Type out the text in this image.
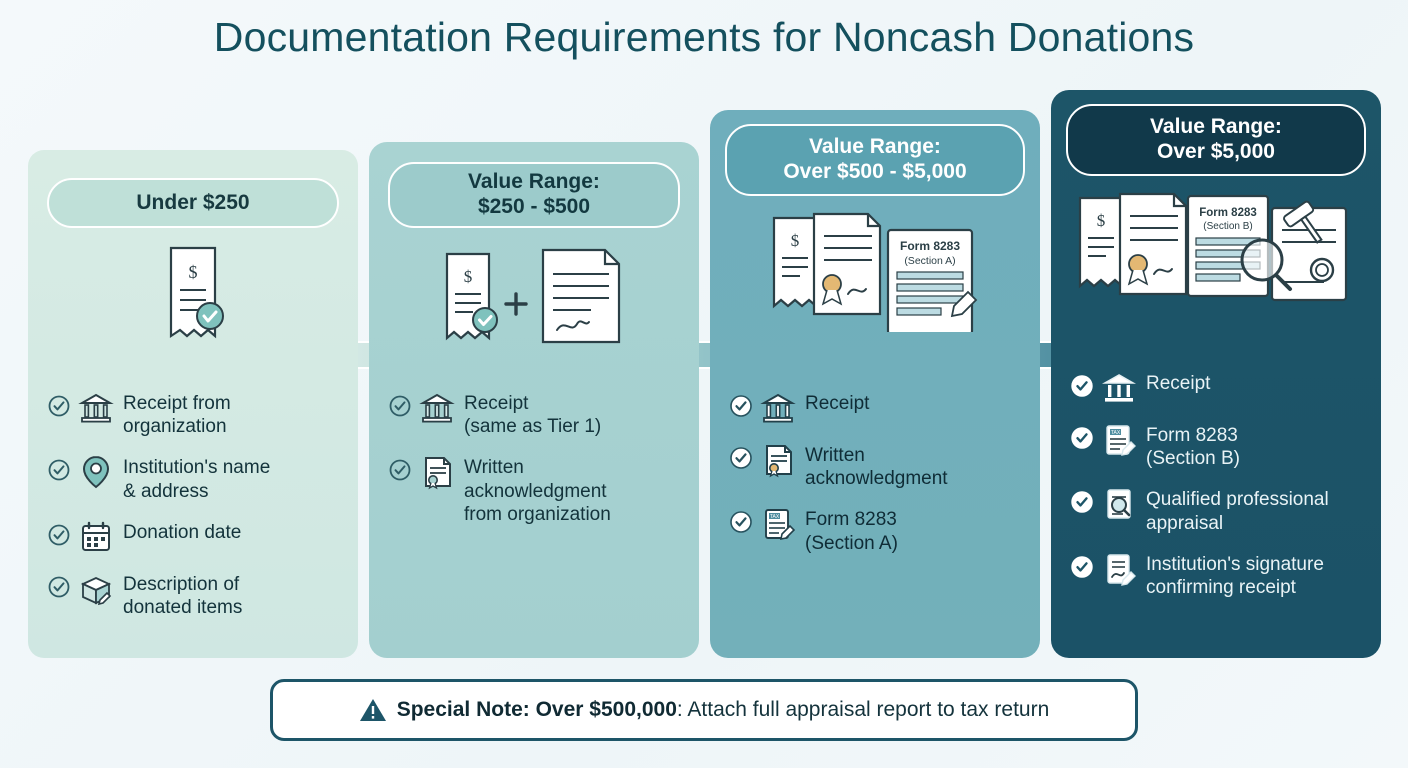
Documentation Requirements for Noncash Donations
Under $250
$
Receipt from
organization
Institution's name
& address
Donation date
Description of
donated items
Value Range:
$250 - $500
$
Receipt
(same as Tier 1)
Written
acknowledgment
from organization
Value Range:
Over $500 - $5,000
$	Form 8283
(Section A)
Receipt
Written
acknowledgment
TAX Form 8283
(Section A)
Value Range:
Over $5,000
$	Form 8283
(Section B)
Receipt
TAX Form 8283
(Section B)
Qualified professional
appraisal
Institution's signature
confirming receipt
Special Note: Over $500,000: Attach full appraisal report to tax return
